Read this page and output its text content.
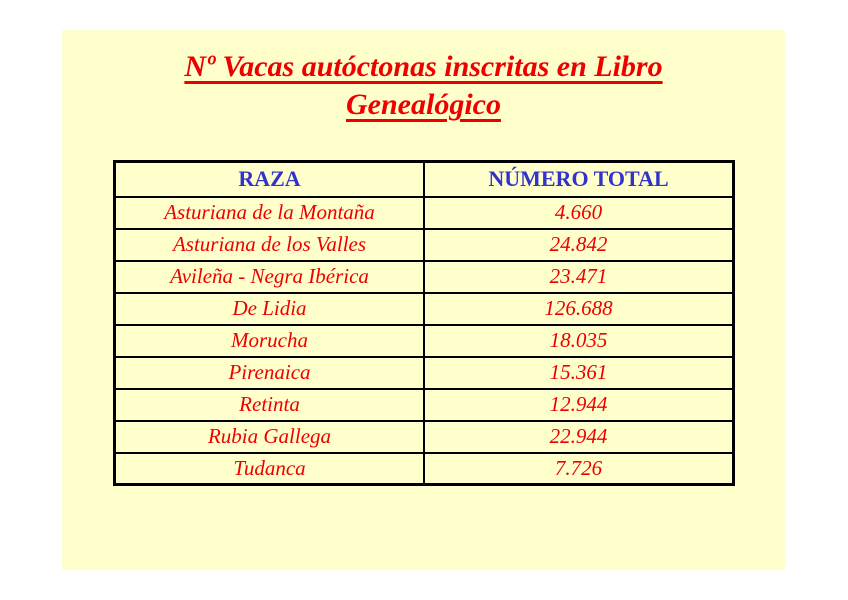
Nº Vacas autóctonas inscritas en Libro Genealógico
RAZA	NÚMERO TOTAL
Asturiana de la Montaña	4.660
Asturiana de los Valles	24.842
Avileña - Negra Ibérica	23.471
De Lidia	126.688
Morucha	18.035
Pirenaica	15.361
Retinta	12.944
Rubia Gallega	22.944
Tudanca	7.726
